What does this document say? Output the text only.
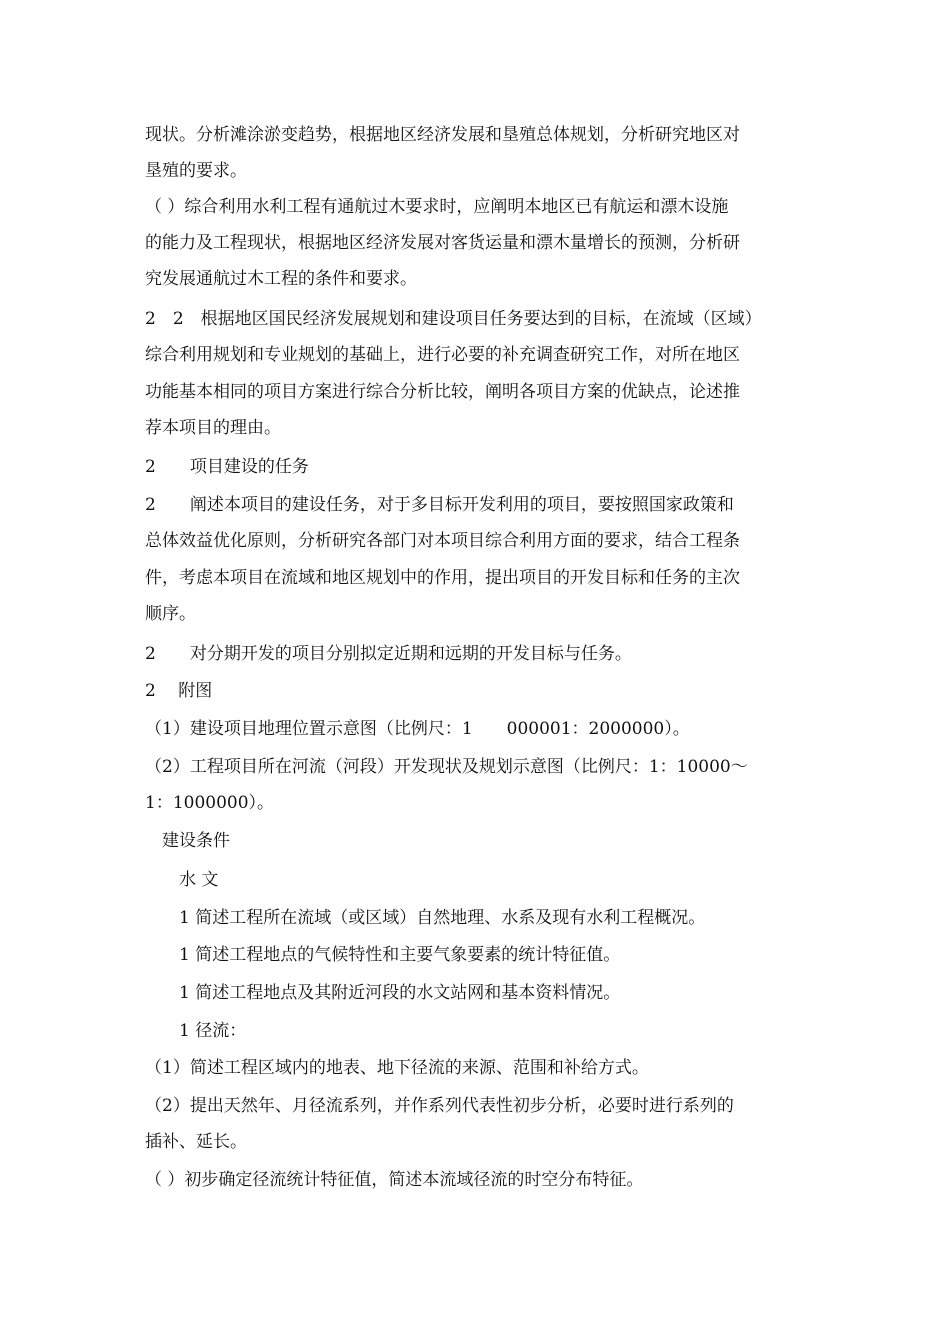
现状。分析滩涂淤变趋势，根据地区经济发展和垦殖总体规划，分析研究地区对
垦殖的要求。
（ ）综合利用水利工程有通航过木要求时，应阐明本地区已有航运和漂木设施
的能力及工程现状，根据地区经济发展对客货运量和漂木量增长的预测，分析研
究发展通航过木工程的条件和要求。
2　2　根据地区国民经济发展规划和建设项目任务要达到的目标，在流域（区域）
综合利用规划和专业规划的基础上，进行必要的补充调查研究工作，对所在地区
功能基本相同的项目方案进行综合分析比较，阐明各项目方案的优缺点，论述推
荐本项目的理由。
2　　项目建设的任务
2　　阐述本项目的建设任务，对于多目标开发利用的项目，要按照国家政策和
总体效益优化原则，分析研究各部门对本项目综合利用方面的要求，结合工程条
件，考虑本项目在流域和地区规划中的作用，提出项目的开发目标和任务的主次
顺序。
2　　对分期开发的项目分别拟定近期和远期的开发目标与任务。
2　 附图
（1）建设项目地理位置示意图（比例尺：1　　000001：2000000）。
（2）工程项目所在河流（河段）开发现状及规划示意图（比例尺：1：10000～
1：1000000）。
　建设条件
　　水 文
　　1 简述工程所在流域（或区域）自然地理、水系及现有水利工程概况。
　　1 简述工程地点的气候特性和主要气象要素的统计特征值。
　　1 简述工程地点及其附近河段的水文站网和基本资料情况。
　　1 径流：
（1）简述工程区域内的地表、地下径流的来源、范围和补给方式。
（2）提出天然年、月径流系列，并作系列代表性初步分析，必要时进行系列的
插补、延长。
（ ）初步确定径流统计特征值，简述本流域径流的时空分布特征。
